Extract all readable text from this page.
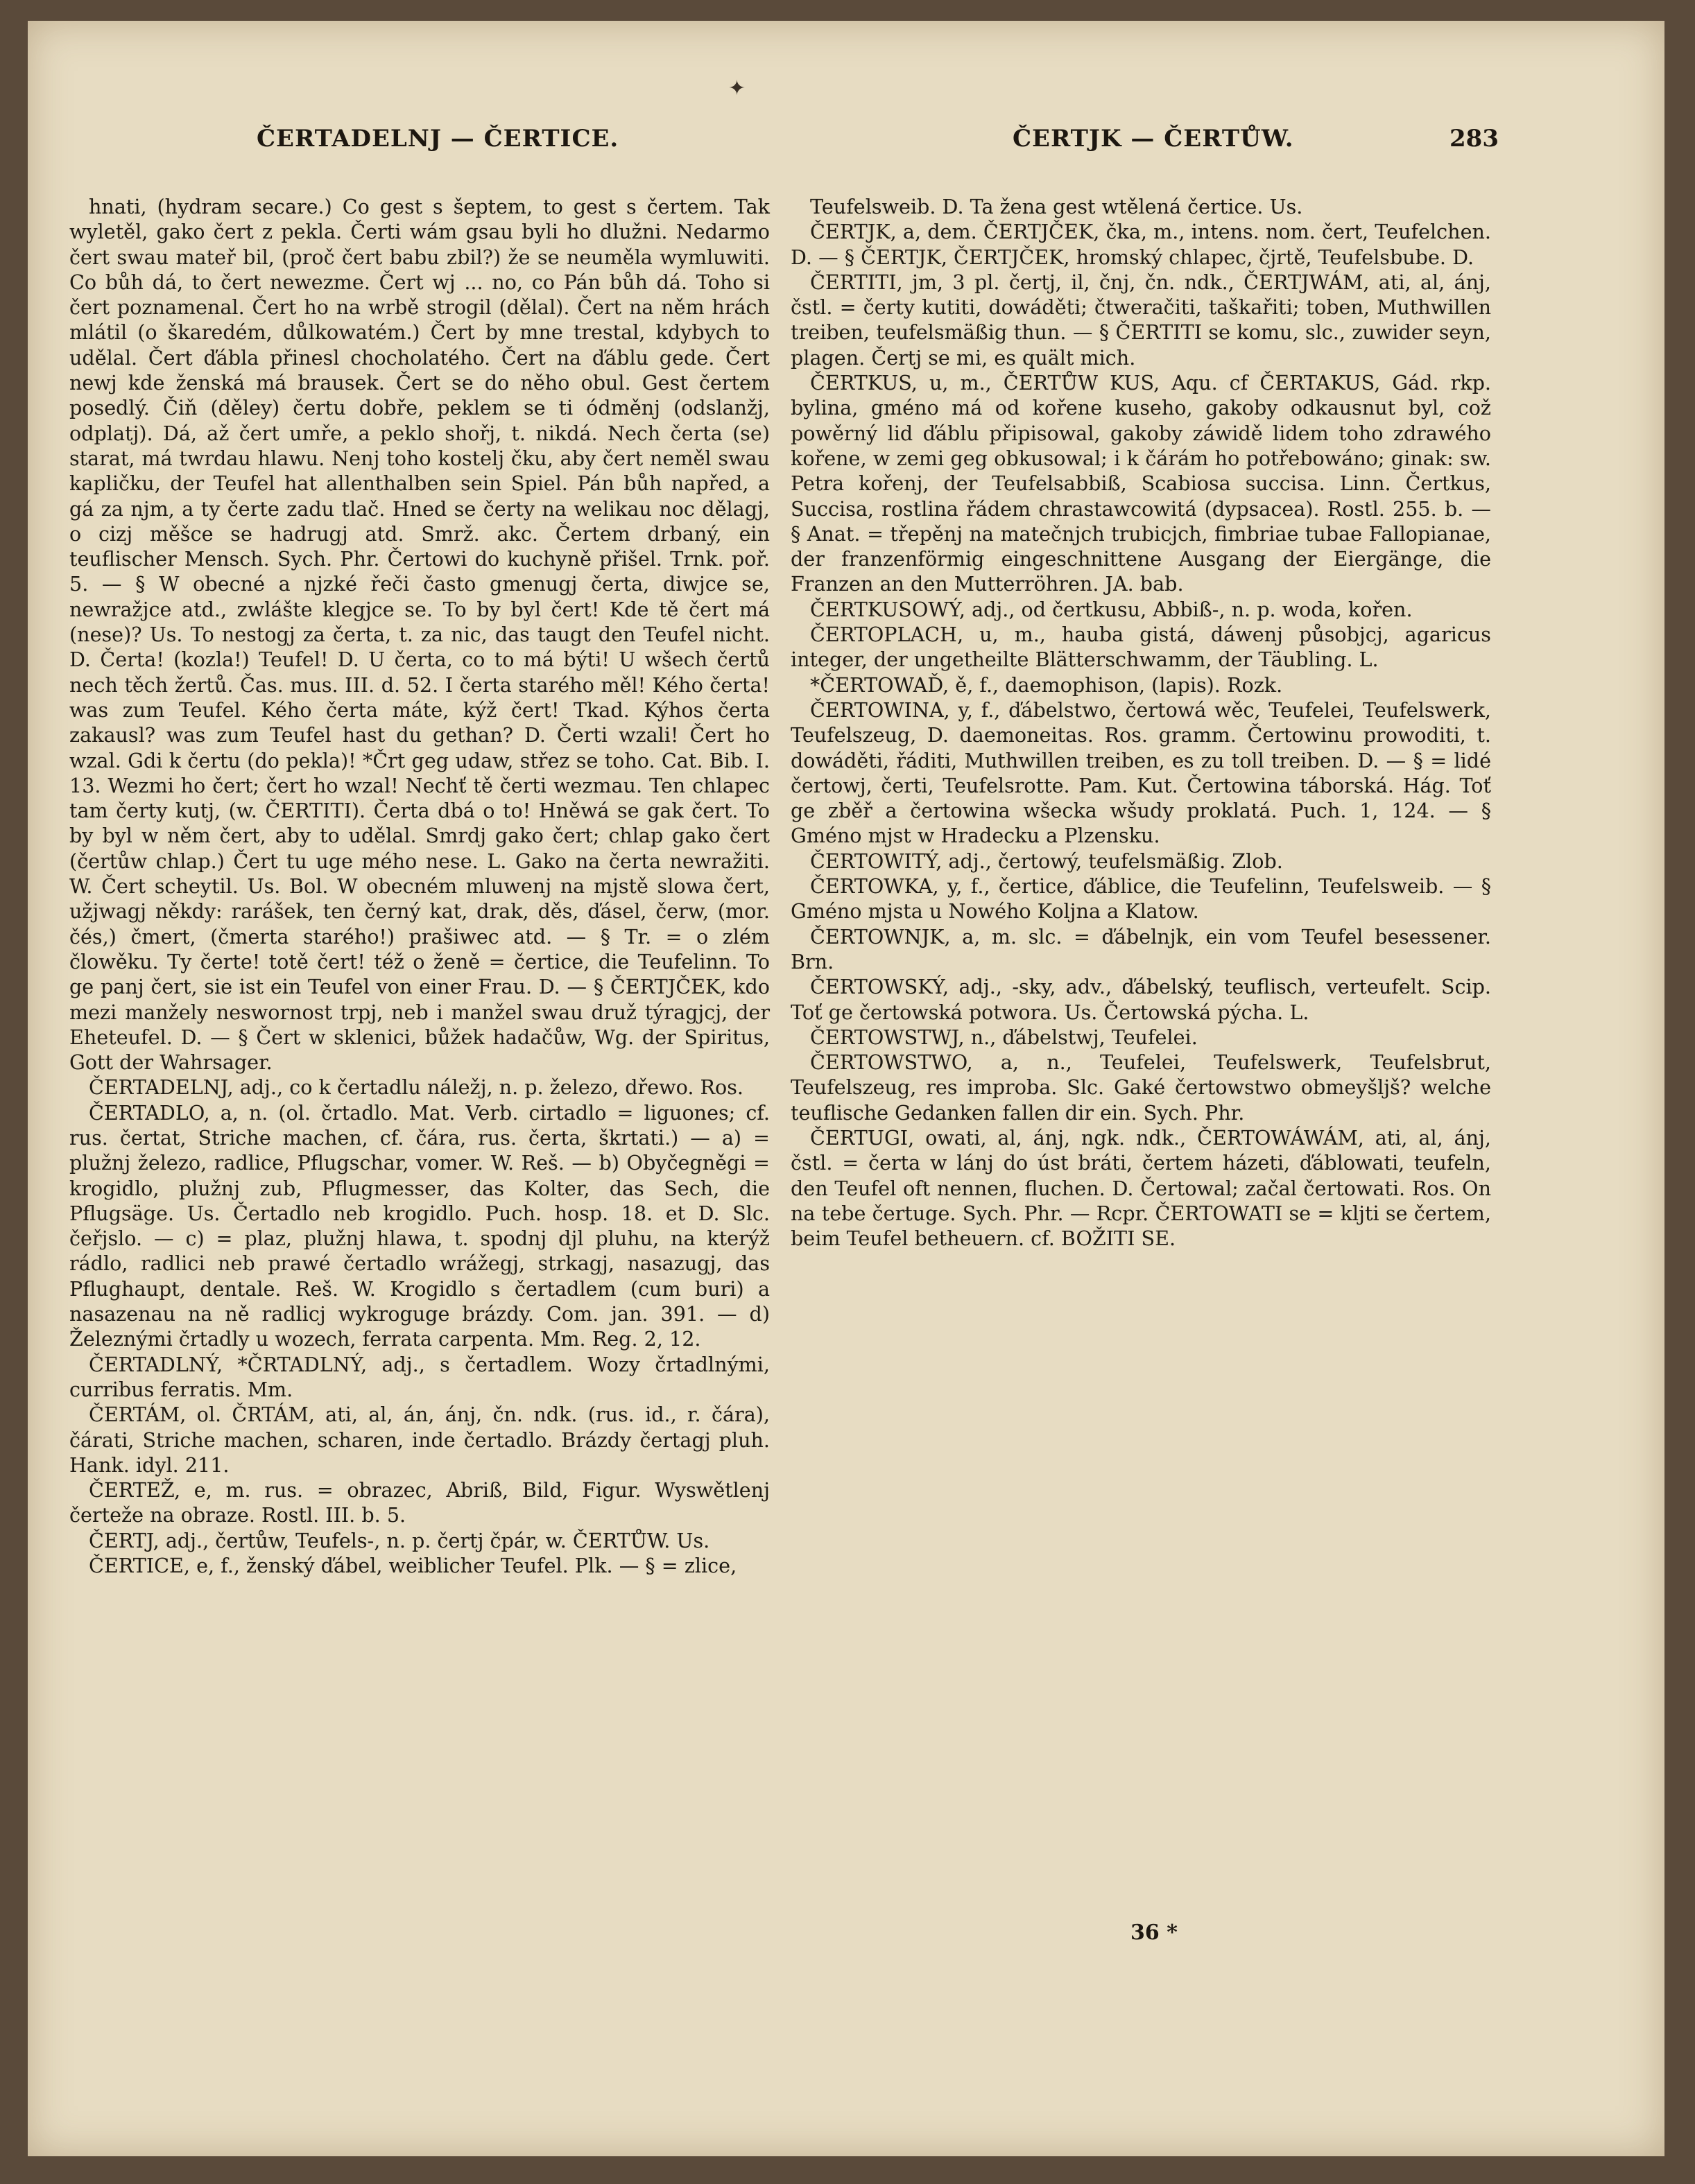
✦
ČERTADELNJ — ČERTICE.	ČERTJK — ČERTŮW.	283

hnati, (hydram secare.) Co gest s šeptem, to gest s čertem. Tak wyletěl, gako čert z pekla. Čerti wám gsau byli ho dlužni. Nedarmo čert swau mateř bil, (proč čert babu zbil?) že se neuměla wymluwiti. Co bůh dá, to čert newezme. Čert wj ... no, co Pán bůh dá. Toho si čert poznamenal. Čert ho na wrbě strogil (dělal). Čert na něm hrách mlátil (o škaredém, důlkowatém.) Čert by mne trestal, kdybych to udělal. Čert ďábla přinesl chocholatého. Čert na ďáblu gede. Čert newj kde ženská má brausek. Čert se do něho obul. Gest čertem posedlý. Čiň (děley) čertu dobře, peklem se ti ódměnj (odslanžj, odplatj). Dá, až čert umře, a peklo shořj, t. nikdá. Nech čerta (se) starat, má twrdau hlawu. Nenj toho kostelj čku, aby čert neměl swau kapličku, der Teufel hat allenthalben sein Spiel. Pán bůh napřed, a gá za njm, a ty čerte zadu tlač. Hned se čerty na welikau noc dělagj, o cizj měšce se hadrugj atd. Smrž. akc. Čertem drbaný, ein teuflischer Mensch. Sych. Phr. Čertowi do kuchyně přišel. Trnk. poř. 5. — § W obecné a njzké řeči často gmenugj čerta, diwjce se, newražjce atd., zwlášte klegjce se. To by byl čert! Kde tě čert má (nese)? Us. To nestogj za čerta, t. za nic, das taugt den Teufel nicht. D. Čerta! (kozla!) Teufel! D. U čerta, co to má býti! U wšech čertů nech těch žertů. Čas. mus. III. d. 52. I čerta starého měl! Kého čerta! was zum Teufel. Kého čerta máte, kýž čert! Tkad. Kýhos čerta zakausl? was zum Teufel hast du gethan? D. Čerti wzali! Čert ho wzal. Gdi k čertu (do pekla)! *Črt geg udaw, střez se toho. Cat. Bib. I. 13. Wezmi ho čert; čert ho wzal! Nechť tě čerti wezmau. Ten chlapec tam čerty kutj, (w. ČERTITI). Čerta dbá o to! Hněwá se gak čert. To by byl w něm čert, aby to udělal. Smrdj gako čert; chlap gako čert (čertůw chlap.) Čert tu uge mého nese. L. Gako na čerta newražiti. W. Čert scheytil. Us. Bol. W obecném mluwenj na mjstě slowa čert, užjwagj někdy: rarášek, ten černý kat, drak, děs, ďásel, čerw, (mor. čés,) čmert, (čmerta starého!) prašiwec atd. — § Tr. = o zlém člowěku. Ty čerte! totě čert! též o ženě = čertice, die Teufelinn. To ge panj čert, sie ist ein Teufel von einer Frau. D. — § ČERTJČEK, kdo mezi manžely neswornost trpj, neb i manžel swau druž týragjcj, der Eheteufel. D. — § Čert w sklenici, bůžek hadačůw, Wg. der Spiritus, Gott der Wahrsager.

ČERTADELNJ, adj., co k čertadlu náležj, n. p. železo, dřewo. Ros.

ČERTADLO, a, n. (ol. črtadlo. Mat. Verb. cirtadlo = liguones; cf. rus. čertat, Striche machen, cf. čára, rus. čerta, škrtati.) — a) = plužnj železo, radlice, Pflugschar, vomer. W. Reš. — b) Obyčegněgi = krogidlo, plužnj zub, Pflugmesser, das Kolter, das Sech, die Pflugsäge. Us. Čertadlo neb krogidlo. Puch. hosp. 18. et D. Slc. čeřjslo. — c) = plaz, plužnj hlawa, t. spodnj djl pluhu, na kterýž rádlo, radlici neb prawé čertadlo wrážegj, strkagj, nasazugj, das Pflughaupt, dentale. Reš. W. Krogidlo s čertadlem (cum buri) a nasazenau na ně radlicj wykroguge brázdy. Com. jan. 391. — d) Železnými črtadly u wozech, ferrata carpenta. Mm. Reg. 2, 12.

ČERTADLNÝ, *ČRTADLNÝ, adj., s čertadlem. Wozy črtadlnými, curribus ferratis. Mm.

ČERTÁM, ol. ČRTÁM, ati, al, án, ánj, čn. ndk. (rus. id., r. čára), čárati, Striche machen, scharen, inde čertadlo. Brázdy čertagj pluh. Hank. idyl. 211.

ČERTEŽ, e, m. rus. = obrazec, Abriß, Bild, Figur. Wyswětlenj čerteže na obraze. Rostl. III. b. 5.

ČERTJ, adj., čertůw, Teufels-, n. p. čertj čpár, w. ČERTŮW. Us.

ČERTICE, e, f., ženský ďábel, weiblicher Teufel. Plk. — § = zlice,

Teufelsweib. D. Ta žena gest wtělená čertice. Us.

ČERTJK, a, dem. ČERTJČEK, čka, m., intens. nom. čert, Teufelchen. D. — § ČERTJK, ČERTJČEK, hromský chlapec, čjrtě, Teufelsbube. D.

ČERTITI, jm, 3 pl. čertj, il, čnj, čn. ndk., ČERTJWÁM, ati, al, ánj, čstl. = čerty kutiti, dowáděti; čtweračiti, taškařiti; toben, Muthwillen treiben, teufelsmäßig thun. — § ČERTITI se komu, slc., zuwider seyn, plagen. Čertj se mi, es quält mich.

ČERTKUS, u, m., ČERTŮW KUS, Aqu. cf ČERTAKUS, Gád. rkp. bylina, gméno má od kořene kuseho, gakoby odkausnut byl, což powěrný lid ďáblu připisowal, gakoby záwidě lidem toho zdrawého kořene, w zemi geg obkusowal; i k čárám ho potřebowáno; ginak: sw. Petra kořenj, der Teufelsabbiß, Scabiosa succisa. Linn. Čertkus, Succisa, rostlina řádem chrastawcowitá (dypsacea). Rostl. 255. b. — § Anat. = třepěnj na matečnjch trubicjch, fimbriae tubae Fallopianae, der franzenförmig eingeschnittene Ausgang der Eiergänge, die Franzen an den Mutterröhren. JA. bab.

ČERTKUSOWÝ, adj., od čertkusu, Abbiß-, n. p. woda, kořen.

ČERTOPLACH, u, m., hauba gistá, dáwenj působjcj, agaricus integer, der ungetheilte Blätterschwamm, der Täubling. L.

*ČERTOWAĎ, ě, f., daemophison, (lapis). Rozk.

ČERTOWINA, y, f., ďábelstwo, čertowá wěc, Teufelei, Teufelswerk, Teufelszeug, D. daemoneitas. Ros. gramm. Čertowinu prowoditi, t. dowáděti, řáditi, Muthwillen treiben, es zu toll treiben. D. — § = lidé čertowj, čerti, Teufelsrotte. Pam. Kut. Čertowina táborská. Hág. Toť ge zběř a čertowina wšecka wšudy proklatá. Puch. 1, 124. — § Gméno mjst w Hradecku a Plzensku.

ČERTOWITÝ, adj., čertowý, teufelsmäßig. Zlob.

ČERTOWKA, y, f., čertice, ďáblice, die Teufelinn, Teufelsweib. — § Gméno mjsta u Nowého Koljna a Klatow.

ČERTOWNJK, a, m. slc. = ďábelnjk, ein vom Teufel besessener. Brn.

ČERTOWSKÝ, adj., -sky, adv., ďábelský, teuflisch, verteufelt. Scip. Toť ge čertowská potwora. Us. Čertowská pýcha. L.

ČERTOWSTWJ, n., ďábelstwj, Teufelei.

ČERTOWSTWO, a, n., Teufelei, Teufelswerk, Teufelsbrut, Teufelszeug, res improba. Slc. Gaké čertowstwo obmeyšljš? welche teuflische Gedanken fallen dir ein. Sych. Phr.

ČERTUGI, owati, al, ánj, ngk. ndk., ČERTOWÁWÁM, ati, al, ánj, čstl. = čerta w lánj do úst bráti, čertem házeti, ďáblowati, teufeln, den Teufel oft nennen, fluchen. D. Čertowal; začal čertowati. Ros. On na tebe čertuge. Sych. Phr. — Rcpr. ČERTOWATI se = kljti se čertem, beim Teufel betheuern. cf. BOŽITI SE.

36 *
